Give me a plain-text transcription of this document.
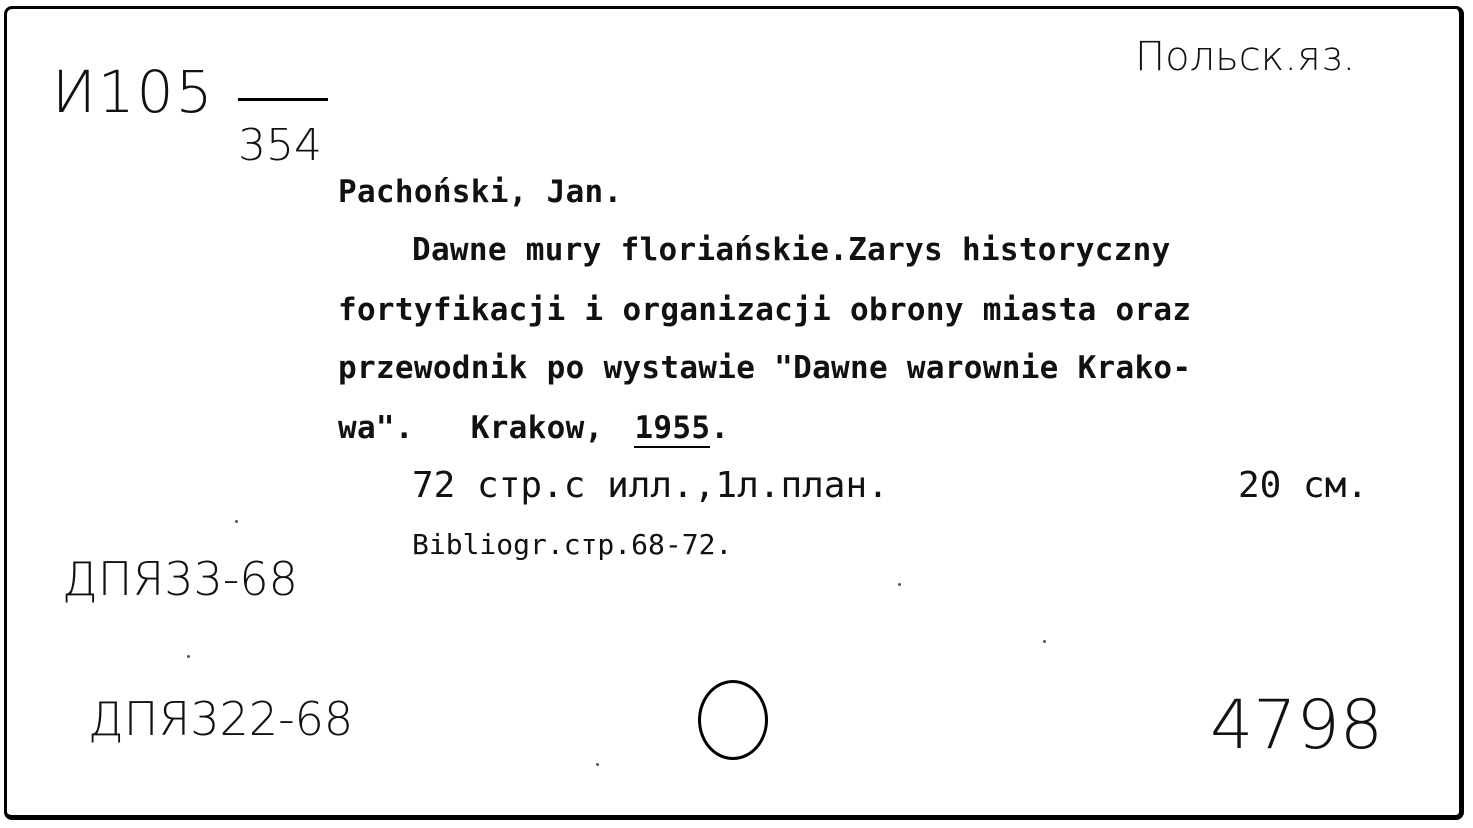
И105
354
Польск.яз.
Pachoński, Jan.
Dawne mury floriańskie.Zarys historyczny
fortyfikacji i organizacji obrony miasta oraz
przewodnik po wystawie "Dawne warownie Krako-
wa".   Krakow, 1955.
72 стр.с илл.,1л.план.	20 см.
Bibliogr.стр.68-72.
ДПЯ33-68
ДПЯ322-68	4798
